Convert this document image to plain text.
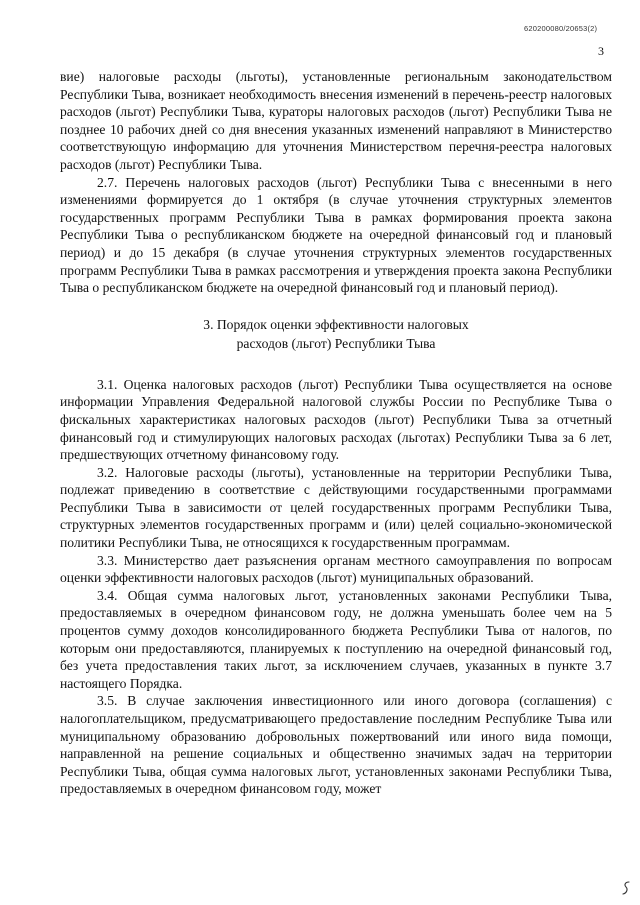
620200080/20653(2)
3

вие) налоговые расходы (льготы), установленные региональным законодательством Республики Тыва, возникает необходимость внесения изменений в перечень-реестр налоговых расходов (льгот) Республики Тыва, кураторы налоговых расходов (льгот) Республики Тыва не позднее 10 рабочих дней со дня внесения указанных изменений направляют в Министерство соответствующую информацию для уточнения Министерством перечня-реестра налоговых расходов (льгот) Республики Тыва.

2.7. Перечень налоговых расходов (льгот) Республики Тыва с внесенными в него изменениями формируется до 1 октября (в случае уточнения структурных элементов государственных программ Республики Тыва в рамках формирования проекта закона Республики Тыва о республиканском бюджете на очередной финансовый год и плановый период) и до 15 декабря (в случае уточнения структурных элементов государственных программ Республики Тыва в рамках рассмотрения и утверждения проекта закона Республики Тыва о республиканском бюджете на очередной финансовый год и плановый период).

3. Порядок оценки эффективности налоговых
расходов (льгот) Республики Тыва

3.1. Оценка налоговых расходов (льгот) Республики Тыва осуществляется на основе информации Управления Федеральной налоговой службы России по Республике Тыва о фискальных характеристиках налоговых расходов (льгот) Республики Тыва за отчетный финансовый год и стимулирующих налоговых расходах (льготах) Республики Тыва за 6 лет, предшествующих отчетному финансовому году.

3.2. Налоговые расходы (льготы), установленные на территории Республики Тыва, подлежат приведению в соответствие с действующими государственными программами Республики Тыва в зависимости от целей государственных программ Республики Тыва, структурных элементов государственных программ и (или) целей социально-экономической политики Республики Тыва, не относящихся к государственным программам.

3.3. Министерство дает разъяснения органам местного самоуправления по вопросам оценки эффективности налоговых расходов (льгот) муниципальных образований.

3.4. Общая сумма налоговых льгот, установленных законами Республики Тыва, предоставляемых в очередном финансовом году, не должна уменьшать более чем на 5 процентов сумму доходов консолидированного бюджета Республики Тыва от налогов, по которым они предоставляются, планируемых к поступлению на очередной финансовый год, без учета предоставления таких льгот, за исключением случаев, указанных в пункте 3.7 настоящего Порядка.

3.5. В случае заключения инвестиционного или иного договора (соглашения) с налогоплательщиком, предусматривающего предоставление последним Республике Тыва или муниципальному образованию добровольных пожертвований или иного вида помощи, направленной на решение социальных и общественно значимых задач на территории Республики Тыва, общая сумма налоговых льгот, установленных законами Республики Тыва, предоставляемых в очередном финансовом году, может
